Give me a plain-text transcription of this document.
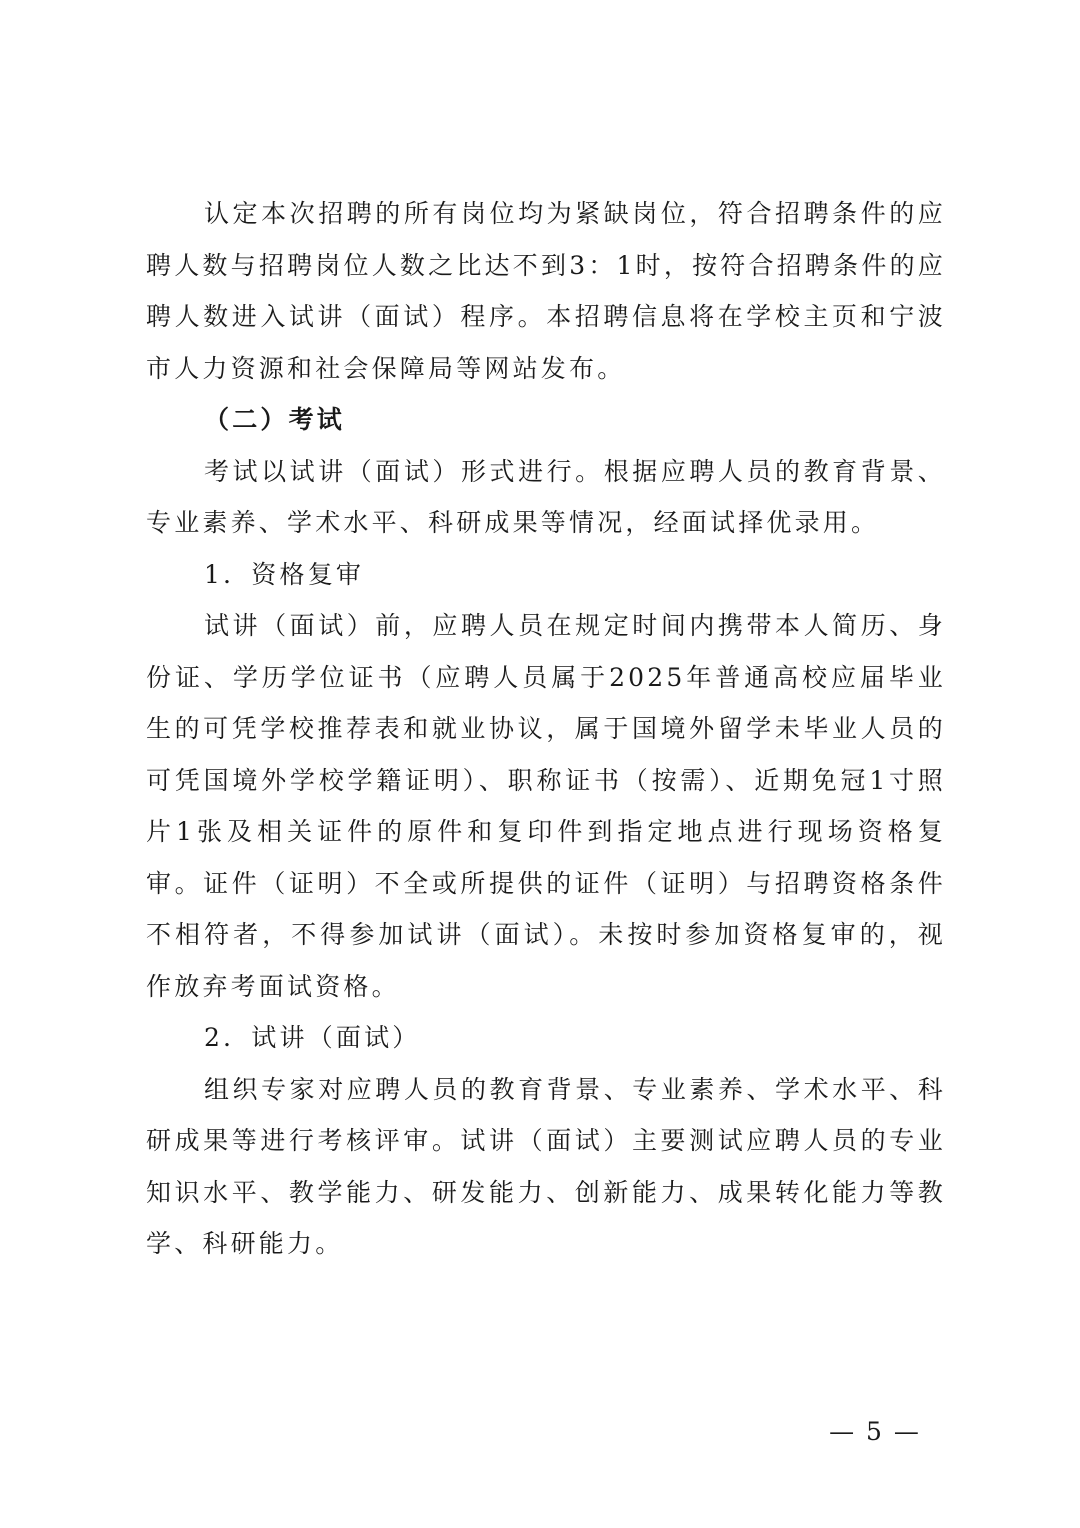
认定本次招聘的所有岗位均为紧缺岗位，符合招聘条件的应聘人数与招聘岗位人数之比达不到3：1时，按符合招聘条件的应聘人数进入试讲（面试）程序。本招聘信息将在学校主页和宁波市人力资源和社会保障局等网站发布。

（二）考试

考试以试讲（面试）形式进行。根据应聘人员的教育背景、专业素养、学术水平、科研成果等情况，经面试择优录用。

1．资格复审

试讲（面试）前，应聘人员在规定时间内携带本人简历、身份证、学历学位证书（应聘人员属于2025年普通高校应届毕业生的可凭学校推荐表和就业协议，属于国境外留学未毕业人员的可凭国境外学校学籍证明）、职称证书（按需）、近期免冠1寸照片1张及相关证件的原件和复印件到指定地点进行现场资格复审。证件（证明）不全或所提供的证件（证明）与招聘资格条件不相符者，不得参加试讲（面试）。未按时参加资格复审的，视作放弃考面试资格。

2．试讲（面试）

组织专家对应聘人员的教育背景、专业素养、学术水平、科研成果等进行考核评审。试讲（面试）主要测试应聘人员的专业知识水平、教学能力、研发能力、创新能力、成果转化能力等教学、科研能力。

— 5 —
